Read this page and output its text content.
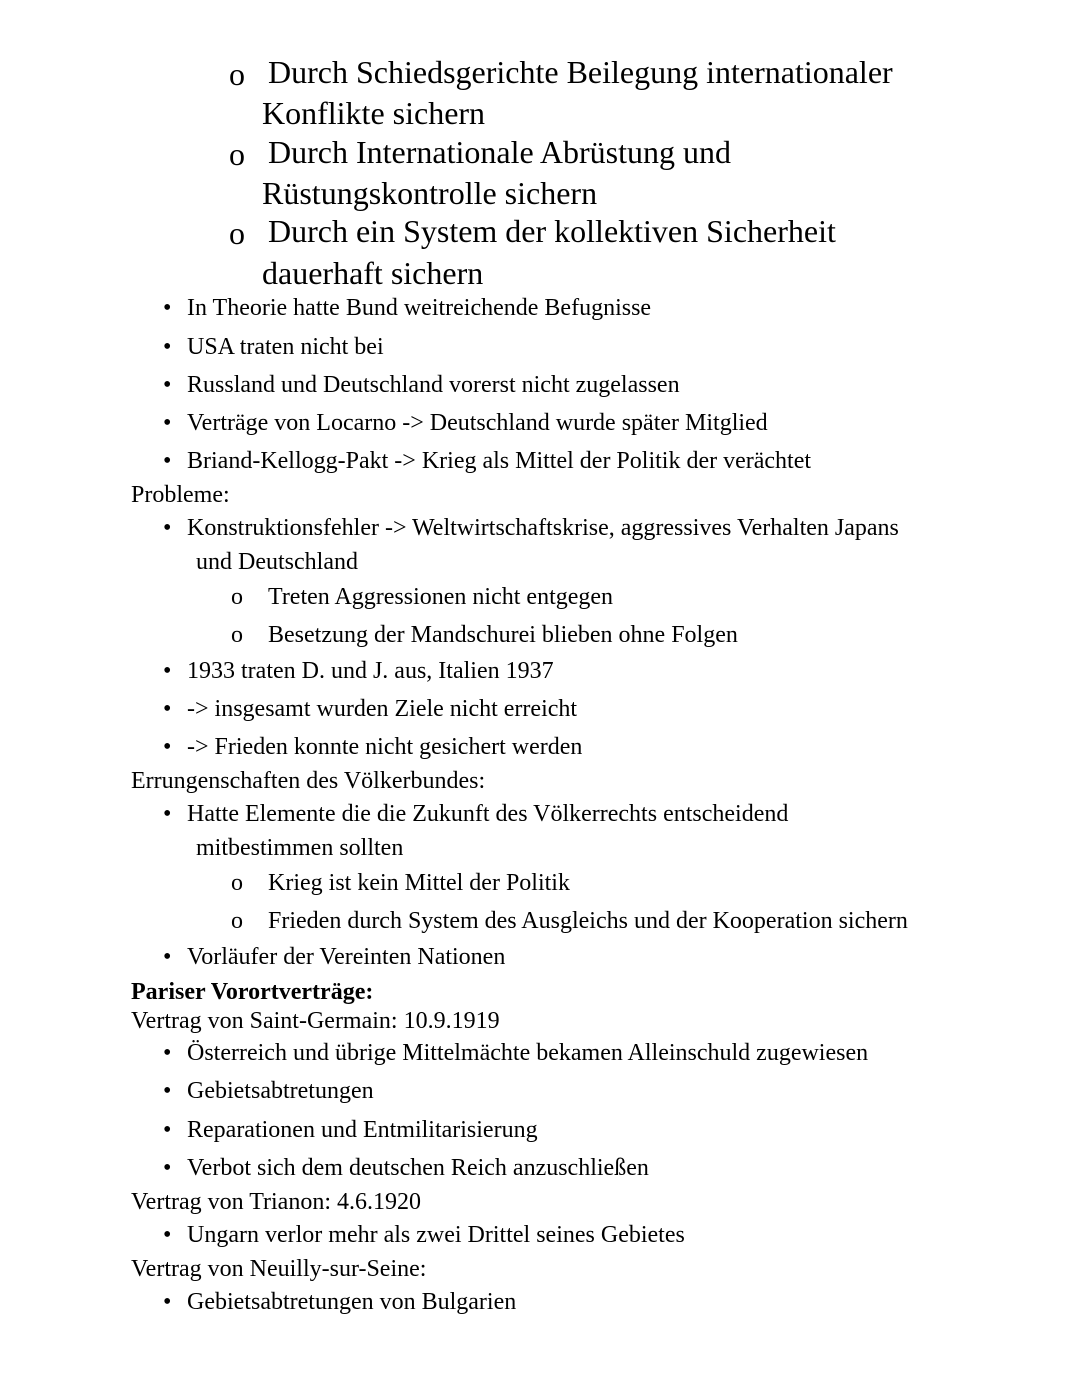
o Durch Schiedsgerichte Beilegung internationaler
Konflikte sichern
o Durch Internationale Abrüstung und
Rüstungskontrolle sichern
o Durch ein System der kollektiven Sicherheit
dauerhaft sichern
• In Theorie hatte Bund weitreichende Befugnisse
• USA traten nicht bei
• Russland und Deutschland vorerst nicht zugelassen
• Verträge von Locarno -> Deutschland wurde später Mitglied
• Briand-Kellogg-Pakt -> Krieg als Mittel der Politik der verächtet
Probleme:
• Konstruktionsfehler -> Weltwirtschaftskrise, aggressives Verhalten Japans
und Deutschland
o Treten Aggressionen nicht entgegen
o Besetzung der Mandschurei blieben ohne Folgen
• 1933 traten D. und J. aus, Italien 1937
• -> insgesamt wurden Ziele nicht erreicht
• -> Frieden konnte nicht gesichert werden
Errungenschaften des Völkerbundes:
• Hatte Elemente die die Zukunft des Völkerrechts entscheidend
mitbestimmen sollten
o Krieg ist kein Mittel der Politik
o Frieden durch System des Ausgleichs und der Kooperation sichern
• Vorläufer der Vereinten Nationen
Pariser Vorortverträge:
Vertrag von Saint-Germain: 10.9.1919
• Österreich und übrige Mittelmächte bekamen Alleinschuld zugewiesen
• Gebietsabtretungen
• Reparationen und Entmilitarisierung
• Verbot sich dem deutschen Reich anzuschließen
Vertrag von Trianon: 4.6.1920
• Ungarn verlor mehr als zwei Drittel seines Gebietes
Vertrag von Neuilly-sur-Seine:
• Gebietsabtretungen von Bulgarien
